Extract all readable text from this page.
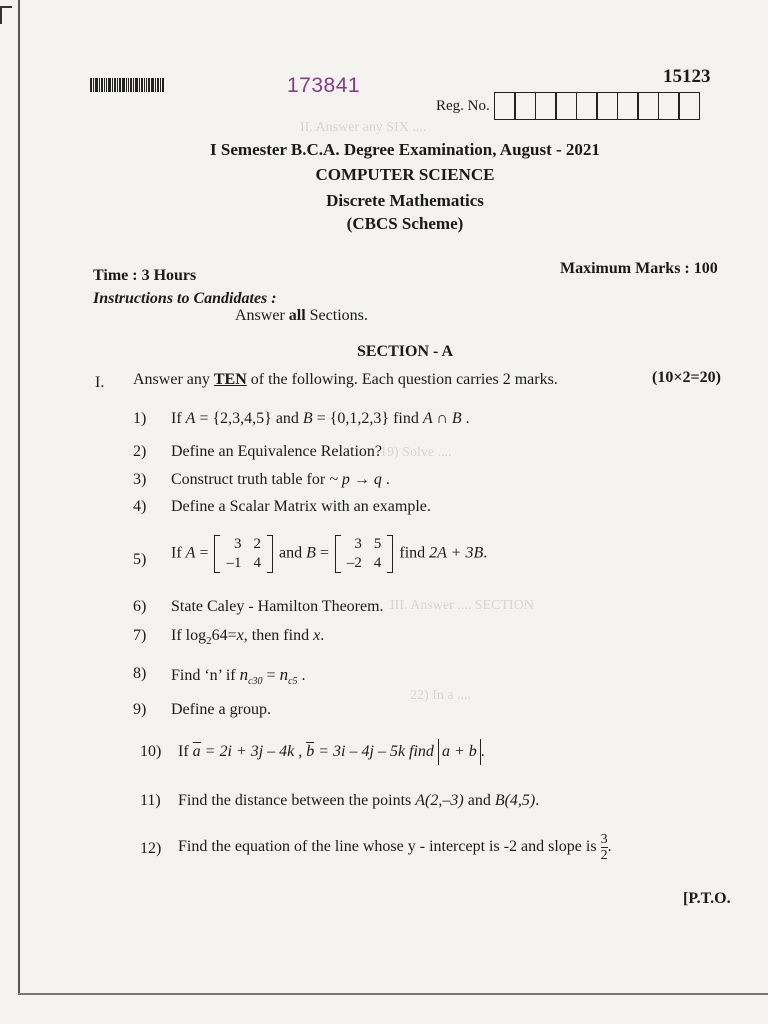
II. Answer any SIX ....
19) Solve ....
III. Answer .... SECTION
22) In a ....
173841	15123
Reg. No.
I Semester B.C.A. Degree Examination, August - 2021
COMPUTER SCIENCE
Discrete Mathematics
(CBCS Scheme)
Time : 3 Hours	Maximum Marks : 100
Instructions to Candidates :
Answer all Sections.
SECTION - A
I. Answer any TEN of the following. Each question carries 2 marks.	(10×2=20)
1) If A = {2,3,4,5} and B = {0,1,2,3} find A ∩ B .
2) Define an Equivalence Relation?
3) Construct truth table for ~ p → q .
4) Define a Scalar Matrix with an example.
5) If A =
3	2
–1	4
and B =
3	5
–2	4
find 2A + 3B.
6) State Caley - Hamilton Theorem.
7) If $\log_264=x$, then find x.
8) Find ‘n’ if $n_{c30} = n_{c5}$ .
9) Define a group.
10) If a = 2i + 3j – 4k , b = 3i – 4j – 5k find a + b .
11) Find the distance between the points A(2,–3) and B(4,5).
12) Find the equation of the line whose y - intercept is -2 and slope is $\frac{3}{2}$ .
[P.T.O.
